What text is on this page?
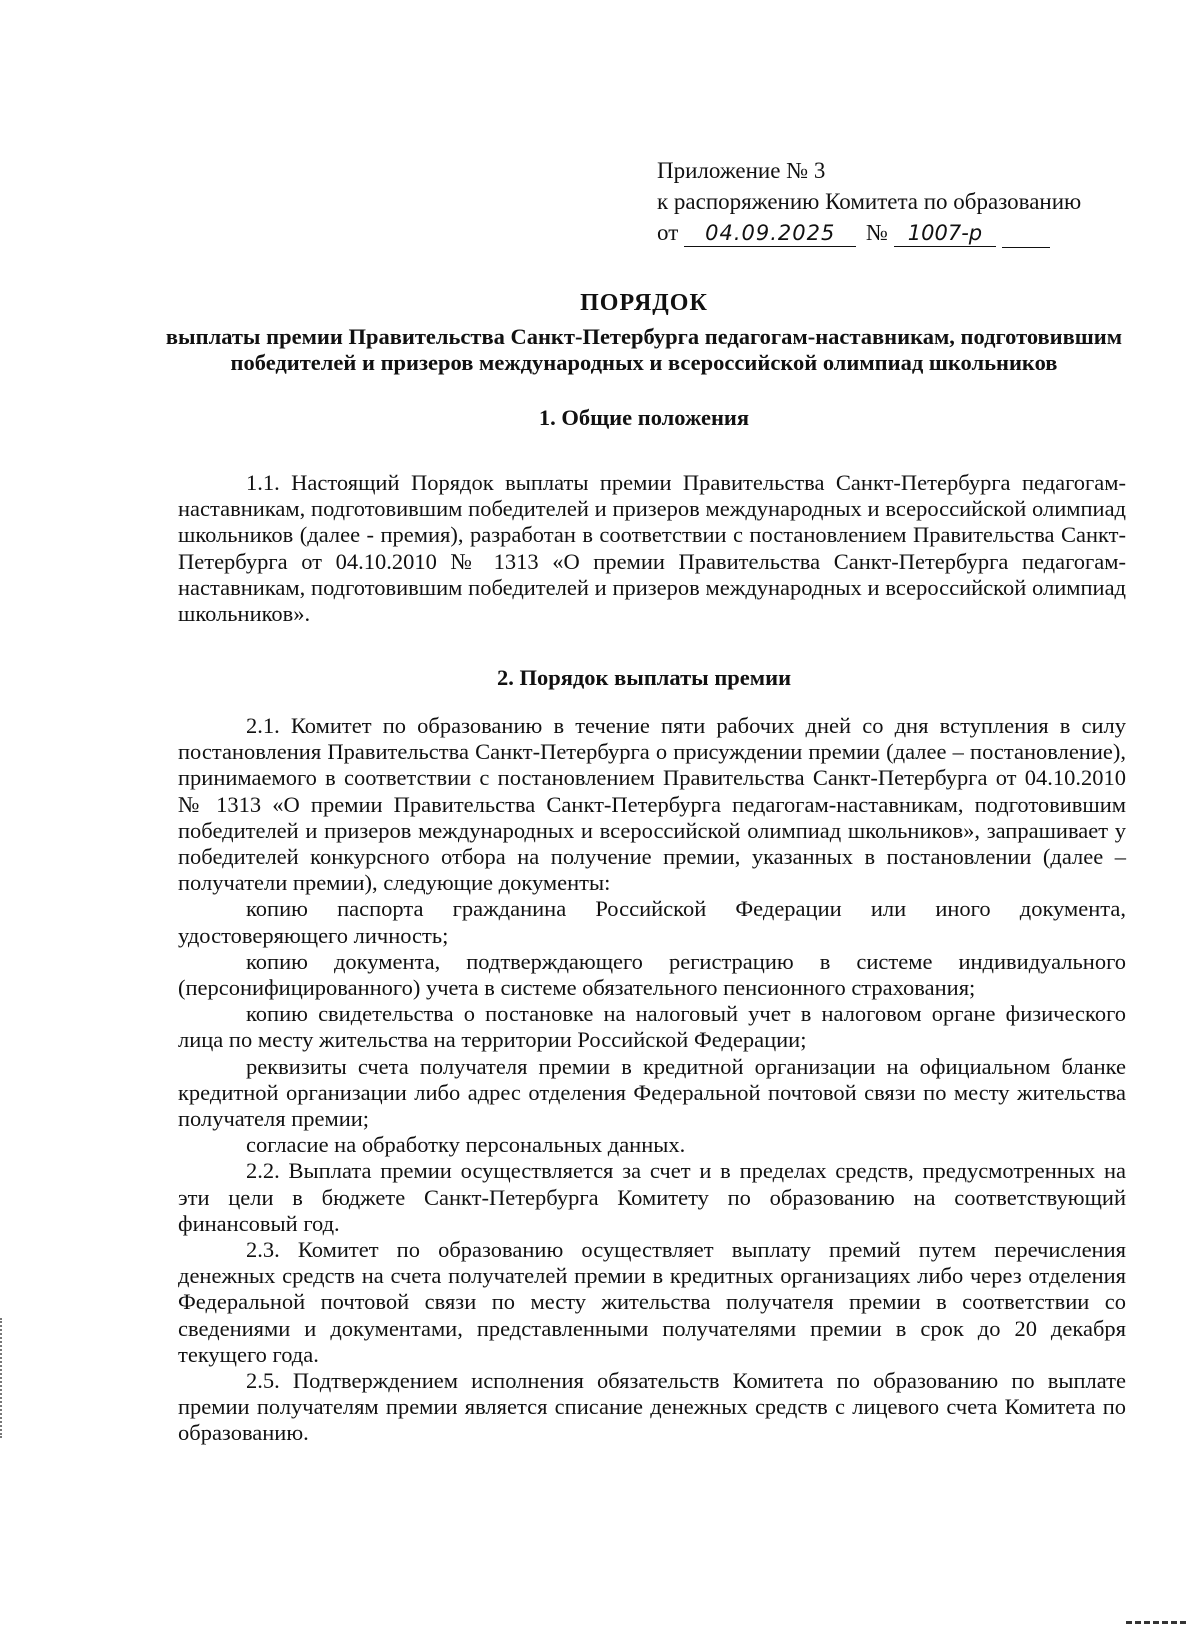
Приложение № 3
к распоряжению Комитета по образованию
от 04.09.2025 № 1007-р

ПОРЯДОК

выплаты премии Правительства Санкт-Петербурга педагогам-наставникам, подготовившим победителей и призеров международных и всероссийской олимпиад школьников

1. Общие положения

1.1. Настоящий Порядок выплаты премии Правительства Санкт-Петербурга педагогам-наставникам, подготовившим победителей и призеров международных и всероссийской олимпиад школьников (далее - премия), разработан в соответствии с постановлением Правительства Санкт-Петербурга от 04.10.2010 № 1313 «О премии Правительства Санкт-Петербурга педагогам-наставникам, подготовившим победителей и призеров международных и всероссийской олимпиад школьников».

2. Порядок выплаты премии

2.1. Комитет по образованию в течение пяти рабочих дней со дня вступления в силу постановления Правительства Санкт-Петербурга о присуждении премии (далее – постановление), принимаемого в соответствии с постановлением Правительства Санкт-Петербурга от 04.10.2010 № 1313 «О премии Правительства Санкт-Петербурга педагогам-наставникам, подготовившим победителей и призеров международных и всероссийской олимпиад школьников», запрашивает у победителей конкурсного отбора на получение премии, указанных в постановлении (далее – получатели премии), следующие документы:

копию паспорта гражданина Российской Федерации или иного документа, удостоверяющего личность;

копию документа, подтверждающего регистрацию в системе индивидуального (персонифицированного) учета в системе обязательного пенсионного страхования;

копию свидетельства о постановке на налоговый учет в налоговом органе физического лица по месту жительства на территории Российской Федерации;

реквизиты счета получателя премии в кредитной организации на официальном бланке кредитной организации либо адрес отделения Федеральной почтовой связи по месту жительства получателя премии;

согласие на обработку персональных данных.

2.2. Выплата премии осуществляется за счет и в пределах средств, предусмотренных на эти цели в бюджете Санкт-Петербурга Комитету по образованию на соответствующий финансовый год.

2.3. Комитет по образованию осуществляет выплату премий путем перечисления денежных средств на счета получателей премии в кредитных организациях либо через отделения Федеральной почтовой связи по месту жительства получателя премии в соответствии со сведениями и документами, представленными получателями премии в срок до 20 декабря текущего года.

2.5. Подтверждением исполнения обязательств Комитета по образованию по выплате премии получателям премии является списание денежных средств с лицевого счета Комитета по образованию.
